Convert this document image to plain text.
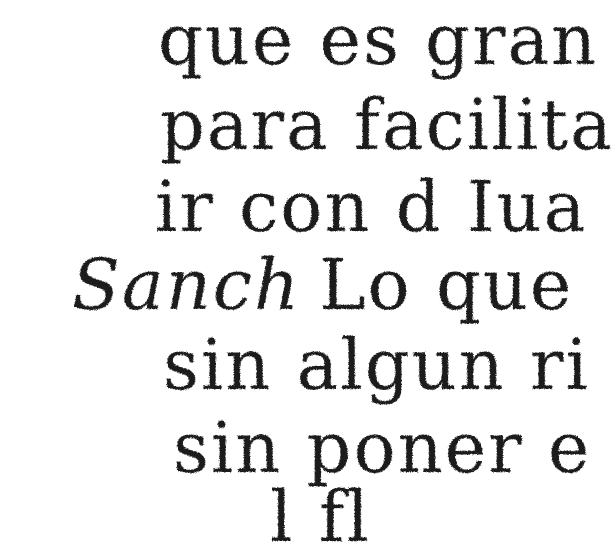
que es gran
para facilita
ir con d Iua
Sanch Lo que
sin algun ri
sin poner e
l fl
